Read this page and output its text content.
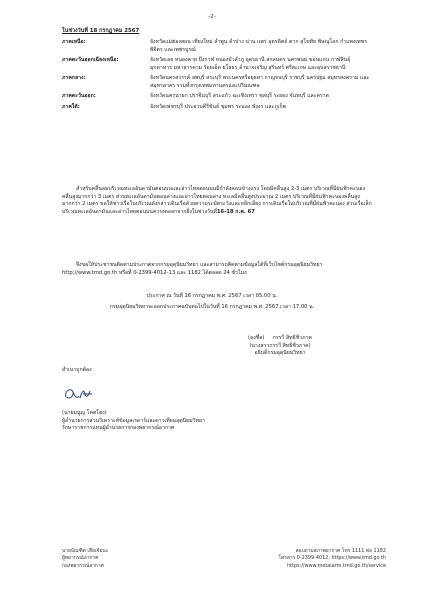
-2-
ในช่วงวันที่ 18 กรกฎาคม 2567
ภาคเหนือ:	จังหวัดแม่ฮ่องสอน เชียงใหม่ ลำพูน ลำปาง น่าน แพร่ อุตรดิตถ์ ตาก สุโขทัย พิษณุโลก กำแพงเพชร พิจิตร และเพชรบูรณ์
ภาคตะวันออกเฉียงเหนือ:	จังหวัดเลย หนองคาย บึงกาฬ หนองบัวลำภู อุดรธานี สกลนคร นครพนม ขอนแก่น กาฬสินธุ์ มุกดาหาร มหาสารคาม ร้อยเอ็ด ยโสธร อำนาจเจริญ สุรินทร์ ศรีสะเกษ และอุบลราชธานี
ภาคกลาง:	จังหวัดนครสวรรค์ ลพบุรี สระบุรี พระนครศรีอยุธยา กาญจนบุรี ราชบุรี นครปฐม สมุทรสงคราม และสมุทรสาคร รวมทั้งกรุงเทพมหานครและปริมณฑล
ภาคตะวันออก:	จังหวัดนครนายก ปราจีนบุรี สระแก้ว ฉะเชิงเทรา ชลบุรี ระยอง จันทบุรี และตราด
ภาคใต้:	จังหวัดเพชรบุรี ประจวบคีรีขันธ์ ชุมพร ระนอง พังงา และภูเก็ต
สำหรับคลื่นลมบริเวณทะเลอันดามันตอนบนและอ่าวไทยตอนบนมีกำลังค่อนข้างแรง โดยมีคลื่นสูง 2-3 เมตร บริเวณที่มีฝนฟ้าคะนองคลื่นสูงมากกว่า 3 เมตร ส่วนทะเลอันดามันตอนล่างและอ่าวไทยตอนล่าง ทะเลมีคลื่นสูงประมาณ 2 เมตร บริเวณที่มีฝนฟ้าคะนองคลื่นสูงมากกว่า 2 เมตร ขอให้ชาวเรือในบริเวณดังกล่าวเดินเรือด้วยความระมัดระวังและหลีกเลี่ยง การเดินเรือในบริเวณที่มีฝนฟ้าคะนอง ส่วนเรือเล็กบริเวณทะเลอันดามันและอ่าวไทยตอนบนควรงดออกจากฝั่งในช่วงวันที่16-18 ก.ค. 67
จึงขอให้ประชาชนติดตามประกาศจากกรมอุตุนิยมวิทยา และสามารถติดตามข้อมูลได้ที่เว็บไซต์กรมอุตุนิยมวิทยา http://www.tmd.go.th หรือที่ 0-2399-4012-13 และ 1182 ได้ตลอด 24 ชั่วโมง
ประกาศ ณ วันที่ 16 กรกฎาคม พ.ศ. 2567 เวลา 05.00 น.
กรมอุตุนิยมวิทยาจะออกประกาศฉบับต่อไปในวันที่ 16 กรกฎาคม พ.ศ. 2567 เวลา 17.00 น.
(ลงชื่อ) กรรวี สิทธิชีวภาค
(นางสาวกรรวี สิทธิชีวภาค)
อธิบดีกรมอุตุนิยมวิทยา
สำเนาถูกต้อง
(นายมนูญ โคตโฮง)
ผู้อำนวยการส่วนวิเคราะห์ข้อมูลเรดาร์และดาวเทียมอุตุนิยมวิทยา
รักษาราชการแทนผู้อำนวยการกองพยากรณ์อากาศ
นายบัณฑิต เสือเจ้ยนะ
ผู้พยากรณ์อากาศ
กองพยากรณ์อากาศ
สอบถามสภาพอากาศ โทร 1111 ต่อ 1182
โทรสาร 0-2399-4012, https://www.tmd.go.th
https://www.metalarm.tmd.go.th/service
